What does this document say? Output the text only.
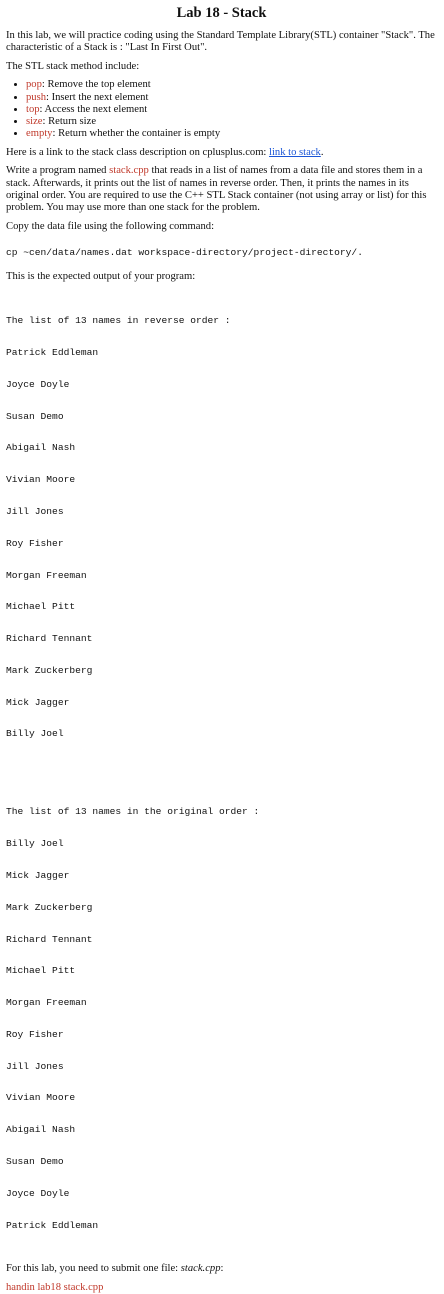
Lab 18 - Stack

In this lab, we will practice coding using the Standard Template Library(STL) container "Stack". The characteristic of a Stack is : "Last In First Out".

The STL stack method include:

• pop: Remove the top element
• push: Insert the next element
• top: Access the next element
• size: Return size
• empty: Return whether the container is empty

Here is a link to the stack class description on cplusplus.com: link to stack.

Write a program named stack.cpp that reads in a list of names from a data file and stores them in a stack. Afterwards, it prints out the list of names in reverse order. Then, it prints the names in its original order. You are required to use the C++ STL Stack container (not using array or list) for this problem. You may use more than one stack for the problem.

Copy the data file using the following command:

cp ~cen/data/names.dat workspace-directory/project-directory/.

This is the expected output of your program:

The list of 13 names in reverse order :

Patrick Eddleman

Joyce Doyle

Susan Demo

Abigail Nash

Vivian Moore

Jill Jones

Roy Fisher

Morgan Freeman

Michael Pitt

Richard Tennant

Mark Zuckerberg

Mick Jagger

Billy Joel

The list of 13 names in the original order :

Billy Joel

Mick Jagger

Mark Zuckerberg

Richard Tennant

Michael Pitt

Morgan Freeman

Roy Fisher

Jill Jones

Vivian Moore

Abigail Nash

Susan Demo

Joyce Doyle

Patrick Eddleman

For this lab, you need to submit one file: stack.cpp:

handin lab18 stack.cpp
